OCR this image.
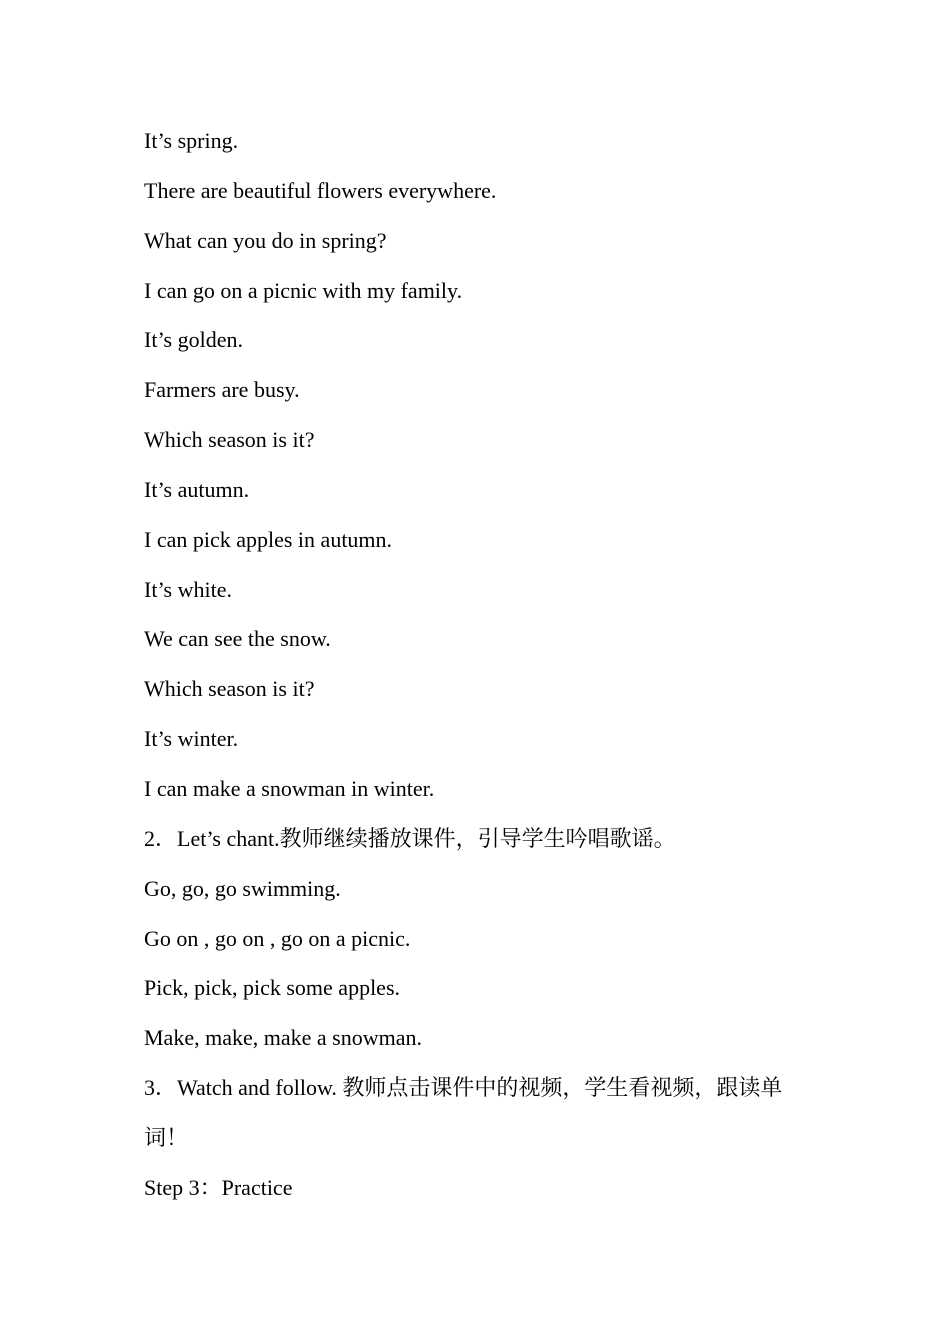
It’s spring.

There are beautiful flowers everywhere.

What can you do in spring?

I can go on a picnic with my family.

It’s golden.

Farmers are busy.

Which season is it?

It’s autumn.

I can pick apples in autumn.

It’s white.

We can see the snow.

Which season is it?

It’s winter.

I can make a snowman in winter.

2．Let’s chant.教师继续播放课件，引导学生吟唱歌谣。

Go, go, go swimming.

Go on , go on , go on a picnic.

Pick, pick, pick some apples.

Make, make, make a snowman.

3．Watch and follow. 教师点击课件中的视频，学生看视频，跟读单词！

Step 3：Practice
